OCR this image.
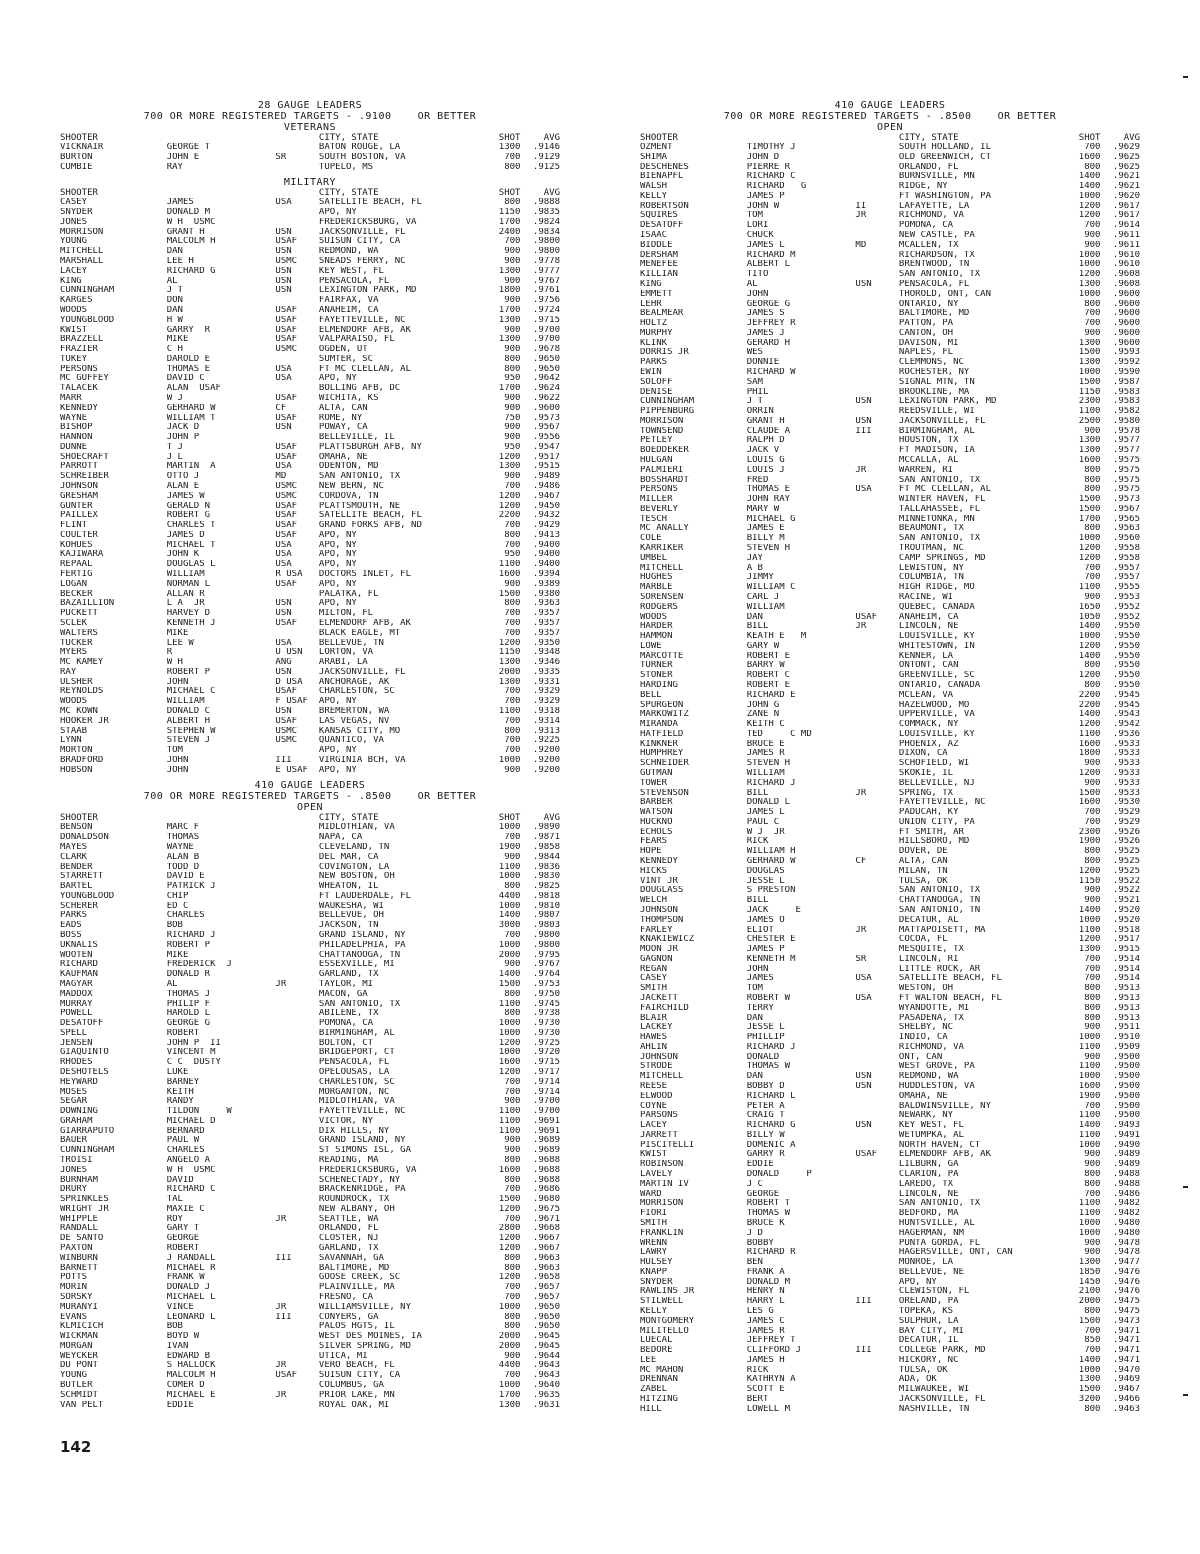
28 GAUGE LEADERS
700 OR MORE REGISTERED TARGETS - .9100    OR BETTER
VETERANS
SHOOTER	CITY, STATE	SHOT	AVG
VICKNAIR	GEORGE T	BATON ROUGE, LA	1300	.9146
BURTON	JOHN E	SR	SOUTH BOSTON, VA	700	.9129
CUMBIE	RAY	TUPELO, MS	800	.9125
MILITARY
SHOOTER	CITY, STATE	SHOT	AVG
CASEY	JAMES	USA	SATELLITE BEACH, FL	800	.9888
SNYDER	DONALD M	APO, NY	1150	.9835
JONES	W H  USMC	FREDERICKSBURG, VA	1700	.9824
MORRISON	GRANT H	USN	JACKSONVILLE, FL	2400	.9834
YOUNG	MALCOLM H	USAF	SUISUN CITY, CA	700	.9800
MITCHELL	DAN	USN	REDMOND, WA	900	.9800
MARSHALL	LEE H	USMC	SNEADS FERRY, NC	900	.9778
LACEY	RICHARD G	USN	KEY WEST, FL	1300	.9777
KING	AL	USN	PENSACOLA, FL	900	.9767
CUNNINGHAM	J T	USN	LEXINGTON PARK, MD	1800	.9761
KARGES	DON	FAIRFAX, VA	900	.9756
WOODS	DAN	USAF	ANAHEIM, CA	1700	.9724
YOUNGBLOOD	H W	USAF	FAYETTEVILLE, NC	1300	.9715
KWIST	GARRY  R	USAF	ELMENDORF AFB, AK	900	.9700
BRAZZELL	MIKE	USAF	VALPARAISO, FL	1300	.9700
FRAZIER	C H	USMC	OGDEN, UT	900	.9678
TUKEY	DAROLD E	SUMTER, SC	800	.9650
PERSONS	THOMAS E	USA	FT MC CLELLAN, AL	800	.9650
MC GUFFEY	DAVID C	USA	APO, NY	950	.9642
TALACEK	ALAN  USAF	BOLLING AFB, DC	1700	.9624
MARR	W J	USAF	WICHITA, KS	900	.9622
KENNEDY	GERHARD W	CF	ALTA, CAN	900	.9600
WAYNE	WILLIAM T	USAF	ROME, NY	750	.9573
BISHOP	JACK D	USN	POWAY, CA	900	.9567
HANNON	JOHN P	BELLEVILLE, IL	900	.9556
DUNNE	T J	USAF	PLATTSBURGH AFB, NY	950	.9547
SHOECRAFT	J L	USAF	OMAHA, NE	1200	.9517
PARROTT	MARTIN  A	USA	ODENTON, MD	1300	.9515
SCHREIBER	OTTO J	MD	SAN ANTONIO, TX	900	.9489
JOHNSON	ALAN E	USMC	NEW BERN, NC	700	.9486
GRESHAM	JAMES W	USMC	CORDOVA, TN	1200	.9467
GUNTER	GERALD N	USAF	PLATTSMOUTH, NE	1200	.9450
PAILLEX	ROBERT G	USAF	SATELLITE BEACH, FL	2200	.9432
FLINT	CHARLES T	USAF	GRAND FORKS AFB, ND	700	.9429
COULTER	JAMES D	USAF	APO, NY	800	.9413
KOHUES	MICHAEL T	USA	APO, NY	700	.9400
KAJIWARA	JOHN K	USA	APO, NY	950	.9400
REPAAL	DOUGLAS L	USA	APO, NY	1100	.9400
FERTIG	WILLIAM	R USA	DOCTORS INLET, FL	1600	.9394
LOGAN	NORMAN L	USAF	APO, NY	900	.9389
BECKER	ALLAN R	PALATKA, FL	1500	.9380
BAZAILLION	L A  JR	USN	APO, NY	800	.9363
PUCKETT	HARVEY D	USN	MILTON, FL	700	.9357
SCLEK	KENNETH J	USAF	ELMENDORF AFB, AK	700	.9357
WALTERS	MIKE	BLACK EAGLE, MT	700	.9357
TUCKER	LEE W	USA	BELLEVUE, TN	1200	.9350
MYERS	R	U USN	LORTON, VA	1150	.9348
MC KAMEY	W H	ANG	ARABI, LA	1300	.9346
RAY	ROBERT P	USN	JACKSONVILLE, FL	2000	.9335
ULSHER	JOHN	D USA	ANCHORAGE, AK	1300	.9331
REYNOLDS	MICHAEL C	USAF	CHARLESTON, SC	700	.9329
WOODS	WILLIAM	F USAF	APO, NY	700	.9329
MC KOWN	DONALD C	USN	BREMERTON, WA	1100	.9318
HOOKER JR	ALBERT H	USAF	LAS VEGAS, NV	700	.9314
STAAB	STEPHEN W	USMC	KANSAS CITY, MO	800	.9313
LYNN	STEVEN J	USMC	QUANTICO, VA	700	.9225
MORTON	TOM	APO, NY	700	.9200
BRADFORD	JOHN	III	VIRGINIA BCH, VA	1000	.9200
HOBSON	JOHN	E USAF	APO, NY	900	.9200
410 GAUGE LEADERS
700 OR MORE REGISTERED TARGETS - .8500    OR BETTER
OPEN
SHOOTER	CITY, STATE	SHOT	AVG
BENSON	MARC F	MIDLOTHIAN, VA	1000	.9890
DONALDSON	THOMAS	NAPA, CA	700	.9871
MAYES	WAYNE	CLEVELAND, TN	1900	.9858
CLARK	ALAN B	DEL MAR, CA	900	.9844
BENDER	TODD D	COVINGTON, LA	1100	.9836
STARRETT	DAVID E	NEW BOSTON, OH	1000	.9830
BARTEL	PATRICK J	WHEATON, IL	800	.9825
YOUNGBLOOD	CHIP	FT LAUDERDALE, FL	4400	.9818
SCHERER	ED C	WAUKESHA, WI	1000	.9810
PARKS	CHARLES	BELLEVUE, OH	1400	.9807
EADS	BOB	JACKSON, TN	3000	.9803
BOSS	RICHARD J	GRAND ISLAND, NY	700	.9800
UKNALIS	ROBERT P	PHILADELPHIA, PA	1000	.9800
WOOTEN	MIKE	CHATTANOOGA, TN	2000	.9795
RICHARD	FREDERICK  J	ESSEXVILLE, MI	900	.9767
KAUFMAN	DONALD R	GARLAND, TX	1400	.9764
MAGYAR	AL	JR	TAYLOR, MI	1500	.9753
MADDOX	THOMAS J	MACON, GA	800	.9750
MURRAY	PHILIP F	SAN ANTONIO, TX	1100	.9745
POWELL	HAROLD L	ABILENE, TX	800	.9738
DESATOFF	GEORGE G	POMONA, CA	1000	.9730
SPELL	ROBERT	BIRMINGHAM, AL	1000	.9730
JENSEN	JOHN P  II	BOLTON, CT	1200	.9725
GIAQUINTO	VINCENT M	BRIDGEPORT, CT	1000	.9720
RHODES	C C  DUSTY	PENSACOLA, FL	1600	.9715
DESHOTELS	LUKE	OPELOUSAS, LA	1200	.9717
HEYWARD	BARNEY	CHARLESTON, SC	700	.9714
MOSES	KEITH	MORGANTON, NC	700	.9714
SEGAR	RANDY	MIDLOTHIAN, VA	900	.9700
DOWNING	TILDON     W	FAYETTEVILLE, NC	1100	.9700
GRAHAM	MICHAEL D	VICTOR, NY	1100	.9691
GIARRAPUTO	BERNARD	DIX HILLS, NY	1100	.9691
BAUER	PAUL W	GRAND ISLAND, NY	900	.9689
CUNNINGHAM	CHARLES	ST SIMONS ISL, GA	900	.9689
TROISI	ANGELO A	READING, MA	800	.9688
JONES	W H  USMC	FREDERICKSBURG, VA	1600	.9688
BURNHAM	DAVID	SCHENECTADY, NY	800	.9688
DRURY	RICHARD C	BRACKENRIDGE, PA	700	.9686
SPRINKLES	TAL	ROUNDROCK, TX	1500	.9680
WRIGHT JR	MAXIE C	NEW ALBANY, OH	1200	.9675
WHIPPLE	ROY	JR	SEATTLE, WA	700	.9671
RANDALL	GARY T	ORLANDO, FL	2800	.9668
DE SANTO	GEORGE	CLOSTER, NJ	1200	.9667
PAXTON	ROBERT	GARLAND, TX	1200	.9667
WINBURN	J RANDALL	III	SAVANNAH, GA	800	.9663
BARNETT	MICHAEL R	BALTIMORE, MD	800	.9663
POTTS	FRANK W	GOOSE CREEK, SC	1200	.9658
MORIN	DONALD J	PLAINVILLE, MA	700	.9657
SORSKY	MICHAEL L	FRESNO, CA	700	.9657
MURANYI	VINCE	JR	WILLIAMSVILLE, NY	1000	.9650
EVANS	LEONARD L	III	CONYERS, GA	800	.9650
KLMICICH	BOB	PALOS HGTS, IL	800	.9650
WICKMAN	BOYD W	WEST DES MOINES, IA	2000	.9645
MORGAN	IVAN	SILVER SPRING, MD	2000	.9645
WEYCKER	EDWARD B	UTICA, MI	900	.9644
DU PONT	S HALLOCK	JR	VERO BEACH, FL	4400	.9643
YOUNG	MALCOLM H	USAF	SUISUN CITY, CA	700	.9643
BUTLER	COMER D	COLUMBUS, GA	1000	.9640
SCHMIDT	MICHAEL E	JR	PRIOR LAKE, MN	1700	.9635
VAN PELT	EDDIE	ROYAL OAK, MI	1300	.9631
410 GAUGE LEADERS
700 OR MORE REGISTERED TARGETS - .8500    OR BETTER
OPEN
SHOOTER	CITY, STATE	SHOT	AVG
OZMENT	TIMOTHY J	SOUTH HOLLAND, IL	700	.9629
SHIMA	JOHN D	OLD GREENWICH, CT	1600	.9625
DESCHENES	PIERRE R	ORLANDO, FL	800	.9625
BIENAPFL	RICHARD C	BURNSVILLE, MN	1400	.9621
WALSH	RICHARD   G	RIDGE, NY	1400	.9621
KELLY	JAMES P	FT WASHINGTON, PA	1000	.9620
ROBERTSON	JOHN W	II	LAFAYETTE, LA	1200	.9617
SQUIRES	TOM	JR	RICHMOND, VA	1200	.9617
DESATOFF	LORI	POMONA, CA	700	.9614
ISAAC	CHUCK	NEW CASTLE, PA	900	.9611
BIDDLE	JAMES L	MD	MCALLEN, TX	900	.9611
DERSHAM	RICHARD M	RICHARDSON, TX	1000	.9610
MENEFEE	ALBERT L	BRENTWOOD, TN	1000	.9610
KILLIAN	TITO	SAN ANTONIO, TX	1200	.9608
KING	AL	USN	PENSACOLA, FL	1300	.9608
EMMETT	JOHN	THOROLD, ONT, CAN	1000	.9600
LEHR	GEORGE G	ONTARIO, NY	800	.9600
BEALMEAR	JAMES S	BALTIMORE, MD	700	.9600
HOLTZ	JEFFREY R	PATTON, PA	700	.9600
MURPHY	JAMES J	CANTON, OH	900	.9600
KLINK	GERARD H	DAVISON, MI	1300	.9600
DORRIS JR	WES	NAPLES, FL	1500	.9593
PARKS	DONNIE	CLEMMONS, NC	1300	.9592
EWIN	RICHARD W	ROCHESTER, NY	1000	.9590
SOLOFF	SAM	SIGNAL MTN, TN	1500	.9587
DENISE	PHIL	BROOKLINE, MA	1150	.9583
CUNNINGHAM	J T	USN	LEXINGTON PARK, MD	2300	.9583
PIPPENBURG	ORRIN	REEDSVILLE, WI	1100	.9582
MORRISON	GRANT H	USN	JACKSONVILLE, FL	2500	.9580
TOWNSEND	CLAUDE A	III	BIRMINGHAM, AL	900	.9578
PETLEY	RALPH D	HOUSTON, TX	1300	.9577
BOEDDEKER	JACK V	FT MADISON, IA	1300	.9577
HULGAN	LOUIS G	MCCALLA, AL	1600	.9575
PALMIERI	LOUIS J	JR	WARREN, RI	800	.9575
BOSSHARDT	FRED	SAN ANTONIO, TX	800	.9575
PERSONS	THOMAS E	USA	FT MC CLELLAN, AL	800	.9575
MILLER	JOHN RAY	WINTER HAVEN, FL	1500	.9573
BEVERLY	MARY W	TALLAHASSEE, FL	1500	.9567
TESCH	MICHAEL G	MINNETONKA, MN	1700	.9565
MC ANALLY	JAMES E	BEAUMONT, TX	800	.9563
COLE	BILLY M	SAN ANTONIO, TX	1000	.9560
KARRIKER	STEVEN H	TROUTMAN, NC	1200	.9558
UMBEL	JAY	CAMP SPRINGS, MD	1200	.9558
MITCHELL	A B	LEWISTON, NY	700	.9557
HUGHES	JIMMY	COLUMBIA, TN	700	.9557
MARBLE	WILLIAM C	HIGH RIDGE, MO	1100	.9555
SORENSEN	CARL J	RACINE, WI	900	.9553
RODGERS	WILLIAM	QUEBEC, CANADA	1650	.9552
WOODS	DAN	USAF	ANAHEIM, CA	1050	.9552
HARDER	BILL	JR	LINCOLN, NE	1400	.9550
HAMMON	KEATH E   M	LOUISVILLE, KY	1000	.9550
LOWE	GARY W	WHITESTOWN, IN	1200	.9550
MARCOTTE	ROBERT E	KENNER, LA	1400	.9550
TURNER	BARRY W	ONTONT, CAN	800	.9550
STONER	ROBERT C	GREENVILLE, SC	1200	.9550
HARDING	ROBERT E	ONTARIO, CANADA	800	.9550
BELL	RICHARD E	MCLEAN, VA	2200	.9545
SPURGEON	JOHN G	HAZELWOOD, MO	2200	.9545
MARKOWITZ	ZANE N	UPPERVILLE, VA	1400	.9543
MIRANDA	KEITH C	COMMACK, NY	1200	.9542
HATFIELD	TED     C MD	LOUISVILLE, KY	1100	.9536
KINKNER	BRUCE E	PHOENIX, AZ	1600	.9533
HUMPHREY	JAMES R	DIXON, CA	1800	.9533
SCHNEIDER	STEVEN H	SCHOFIELD, WI	900	.9533
GUTMAN	WILLIAM	SKOKIE, IL	1200	.9533
TOWER	RICHARD J	BELLEVILLE, NJ	900	.9533
STEVENSON	BILL	JR	SPRING, TX	1500	.9533
BARBER	DONALD L	FAYETTEVILLE, NC	1600	.9530
WATSON	JAMES L	PADUCAH, KY	700	.9529
HUCKNO	PAUL C	UNION CITY, PA	700	.9529
ECHOLS	W J  JR	FT SMITH, AR	2300	.9526
FEARS	RICK	HILLSBORO, MD	1900	.9526
HOPE	WILLIAM H	DOVER, DE	800	.9525
KENNEDY	GERHARD W	CF	ALTA, CAN	800	.9525
HICKS	DOUGLAS	MILAN, TN	1200	.9525
VINT JR	JESSE L	TULSA, OK	1150	.9522
DOUGLASS	S PRESTON	SAN ANTONIO, TX	900	.9522
WELCH	BILL	CHATTANOOGA, TN	900	.9521
JOHNSON	JACK     E	SAN ANTONIO, TN	1400	.9520
THOMPSON	JAMES O	DECATUR, AL	1000	.9520
FARLEY	ELIOT	JR	MATTAPOISETT, MA	1100	.9518
KNAKIEWICZ	CHESTER E	COCOA, FL	1200	.9517
MOON JR	JAMES P	MESQUITE, TX	1300	.9515
GAGNON	KENNETH M	SR	LINCOLN, RI	700	.9514
REGAN	JOHN	LITTLE ROCK, AR	700	.9514
CASEY	JAMES	USA	SATELLITE BEACH, FL	700	.9514
SMITH	TOM	WESTON, OH	800	.9513
JACKETT	ROBERT W	USA	FT WALTON BEACH, FL	800	.9513
FAIRCHILD	TERRY	WYANDOTTE, MI	800	.9513
BLAIR	DAN	PASADENA, TX	800	.9513
LACKEY	JESSE L	SHELBY, NC	900	.9511
HAWES	PHILLIP	INDIO, CA	1000	.9510
AHLIN	RICHARD J	RICHMOND, VA	1100	.9509
JOHNSON	DONALD	ONT, CAN	900	.9500
STRODE	THOMAS W	WEST GROVE, PA	1100	.9500
MITCHELL	DAN	USN	REDMOND, WA	1000	.9500
REESE	BOBBY D	USN	HUDDLESTON, VA	1600	.9500
ELWOOD	RICHARD L	OMAHA, NE	1900	.9500
COYNE	PETER A	BALDWINSVILLE, NY	700	.9500
PARSONS	CRAIG T	NEWARK, NY	1100	.9500
LACEY	RICHARD G	USN	KEY WEST, FL	1400	.9493
JARRETT	BILLY W	WETUMPKA, AL	1100	.9491
PISCITELLI	DOMENIC A	NORTH HAVEN, CT	1000	.9490
KWIST	GARRY R	USAF	ELMENDORF AFB, AK	900	.9489
ROBINSON	EDDIE	LILBURN, GA	900	.9489
LAVELY	DONALD     P	CLARION, PA	800	.9488
MARTIN IV	J C	LAREDO, TX	800	.9488
WARD	GEORGE	LINCOLN, NE	700	.9486
MORRISON	ROBERT T	SAN ANTONIO, TX	1100	.9482
FIORI	THOMAS W	BEDFORD, MA	1100	.9482
SMITH	BRUCE K	HUNTSVILLE, AL	1000	.9480
FRANKLIN	J D	HAGERMAN, NM	1000	.9480
WRENN	BOBBY	PUNTA GORDA, FL	900	.9478
LAWRY	RICHARD R	HAGERSVILLE, ONT, CAN	900	.9478
HULSEY	BEN	MONROE, LA	1300	.9477
KNAPP	FRANK A	BELLEVUE, NE	1850	.9476
SNYDER	DONALD M	APO, NY	1450	.9476
RAWLINS JR	HENRY N	CLEWISTON, FL	2100	.9476
STILWELL	HARRY L	III	ORELAND, PA	2000	.9475
KELLY	LES G	TOPEKA, KS	800	.9475
MONTGOMERY	JAMES C	SULPHUR, LA	1500	.9473
MILITELLO	JAMES R	BAY CITY, MI	700	.9471
LUECAL	JEFFREY T	DECATUR, IL	850	.9471
BEDORE	CLIFFORD J	III	COLLEGE PARK, MD	700	.9471
LEE	JAMES H	HICKORY, NC	1400	.9471
MC MAHON	RICK	TULSA, OK	1000	.9470
DRENNAN	KATHRYN A	ADA, OK	1300	.9469
ZABEL	SCOTT E	MILWAUKEE, WI	1500	.9467
HITZING	BERT	JACKSONVILLE, FL	3200	.9466
HILL	LOWELL M	NASHVILLE, TN	800	.9463
142
